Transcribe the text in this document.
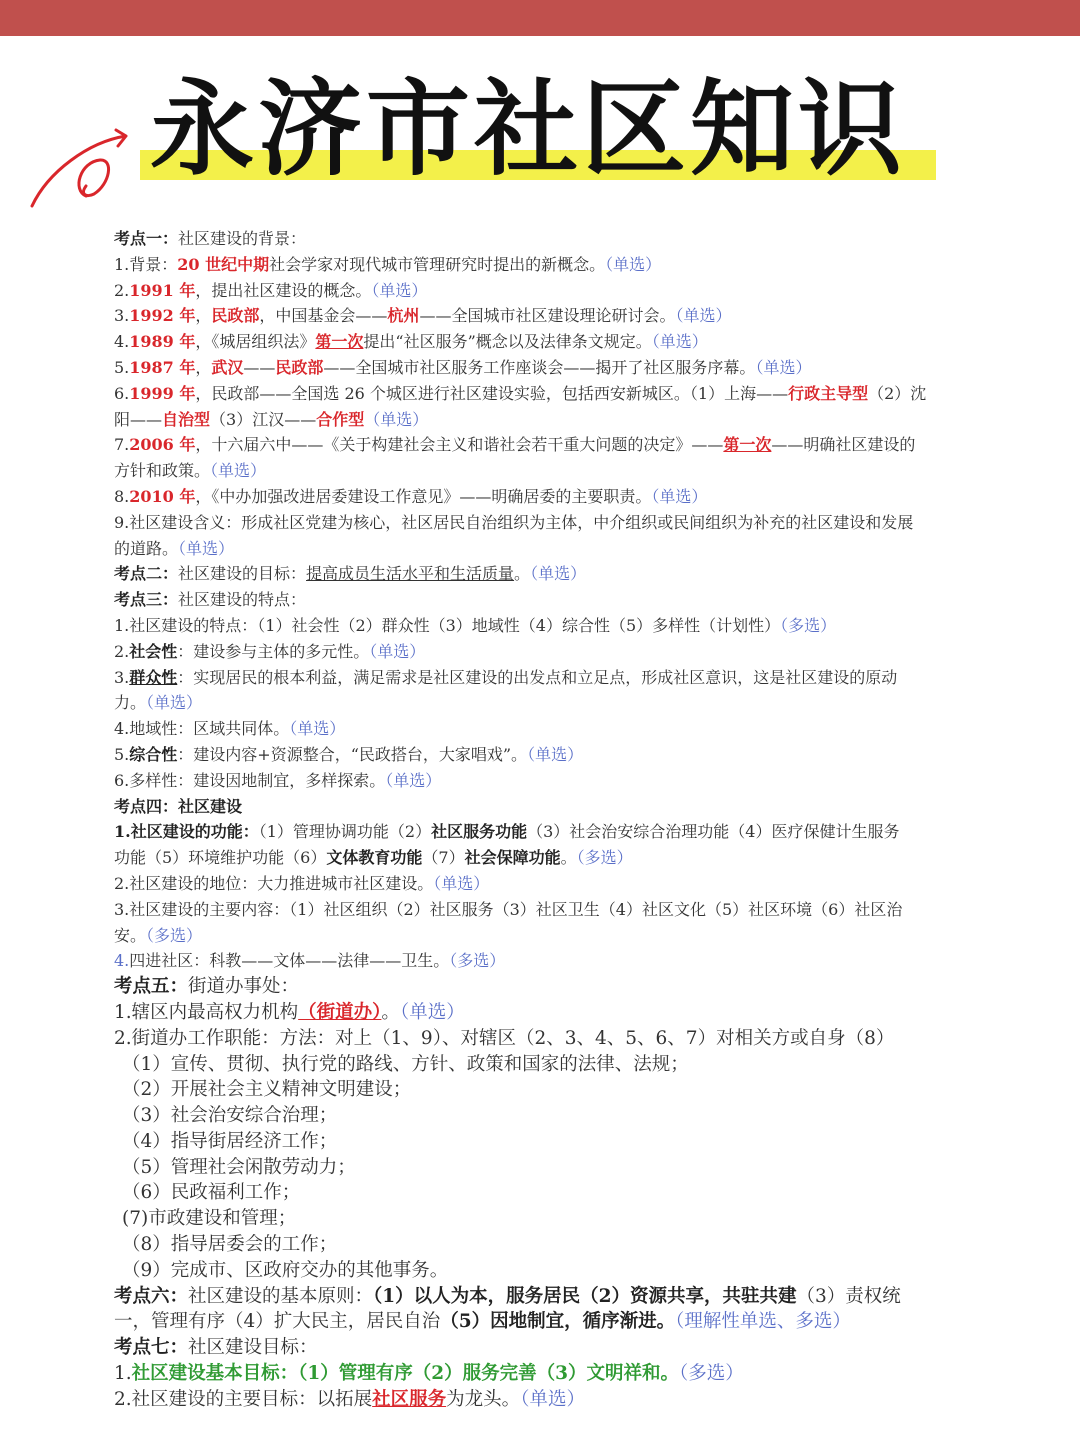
永济市社区知识
考点一：社区建设的背景：
1.背景：20 世纪中期社会学家对现代城市管理研究时提出的新概念。（单选）
2.1991 年，提出社区建设的概念。（单选）
3.1992 年，民政部，中国基金会——杭州——全国城市社区建设理论研讨会。（单选）
4.1989 年，《城居组织法》第一次提出“社区服务”概念以及法律条文规定。（单选）
5.1987 年，武汉——民政部——全国城市社区服务工作座谈会——揭开了社区服务序幕。（单选）
6.1999 年，民政部——全国选 26 个城区进行社区建设实验，包括西安新城区。（1）上海——行政主导型（2）沈
阳——自治型（3）江汉——合作型（单选）
7.2006 年，十六届六中——《关于构建社会主义和谐社会若干重大问题的决定》——第一次——明确社区建设的
方针和政策。（单选）
8.2010 年，《中办加强改进居委建设工作意见》——明确居委的主要职责。（单选）
9.社区建设含义：形成社区党建为核心，社区居民自治组织为主体，中介组织或民间组织为补充的社区建设和发展
的道路。（单选）
考点二：社区建设的目标：提高成员生活水平和生活质量。（单选）
考点三：社区建设的特点：
1.社区建设的特点：（1）社会性（2）群众性（3）地域性（4）综合性（5）多样性（计划性）（多选）
2.社会性：建设参与主体的多元性。（单选）
3.群众性：实现居民的根本利益，满足需求是社区建设的出发点和立足点，形成社区意识，这是社区建设的原动
力。（单选）
4.地域性：区域共同体。（单选）
5.综合性：建设内容+资源整合，“民政搭台，大家唱戏”。（单选）
6.多样性：建设因地制宜，多样探索。（单选）
考点四：社区建设
1.社区建设的功能：（1）管理协调功能（2）社区服务功能（3）社会治安综合治理功能（4）医疗保健计生服务
功能（5）环境维护功能（6）文体教育功能（7）社会保障功能。（多选）
2.社区建设的地位：大力推进城市社区建设。（单选）
3.社区建设的主要内容：（1）社区组织（2）社区服务（3）社区卫生（4）社区文化（5）社区环境（6）社区治
安。（多选）
4.四进社区：科教——文体——法律——卫生。（多选）
考点五：街道办事处：
1.辖区内最高权力机构（街道办）。（单选）
2.街道办工作职能：方法：对上（1、9）、对辖区（2、3、4、5、6、7）对相关方或自身（8）
（1）宣传、贯彻、执行党的路线、方针、政策和国家的法律、法规；
（2）开展社会主义精神文明建设；
（3）社会治安综合治理；
（4）指导街居经济工作；
（5）管理社会闲散劳动力；
（6）民政福利工作；
(7)市政建设和管理；
（8）指导居委会的工作；
（9）完成市、区政府交办的其他事务。
考点六：社区建设的基本原则：（1）以人为本，服务居民（2）资源共享，共驻共建（3）责权统
一，管理有序（4）扩大民主，居民自治（5）因地制宜，循序渐进。（理解性单选、多选）
考点七：社区建设目标：
1.社区建设基本目标：（1）管理有序（2）服务完善（3）文明祥和。（多选）
2.社区建设的主要目标：以拓展社区服务为龙头。（单选）
